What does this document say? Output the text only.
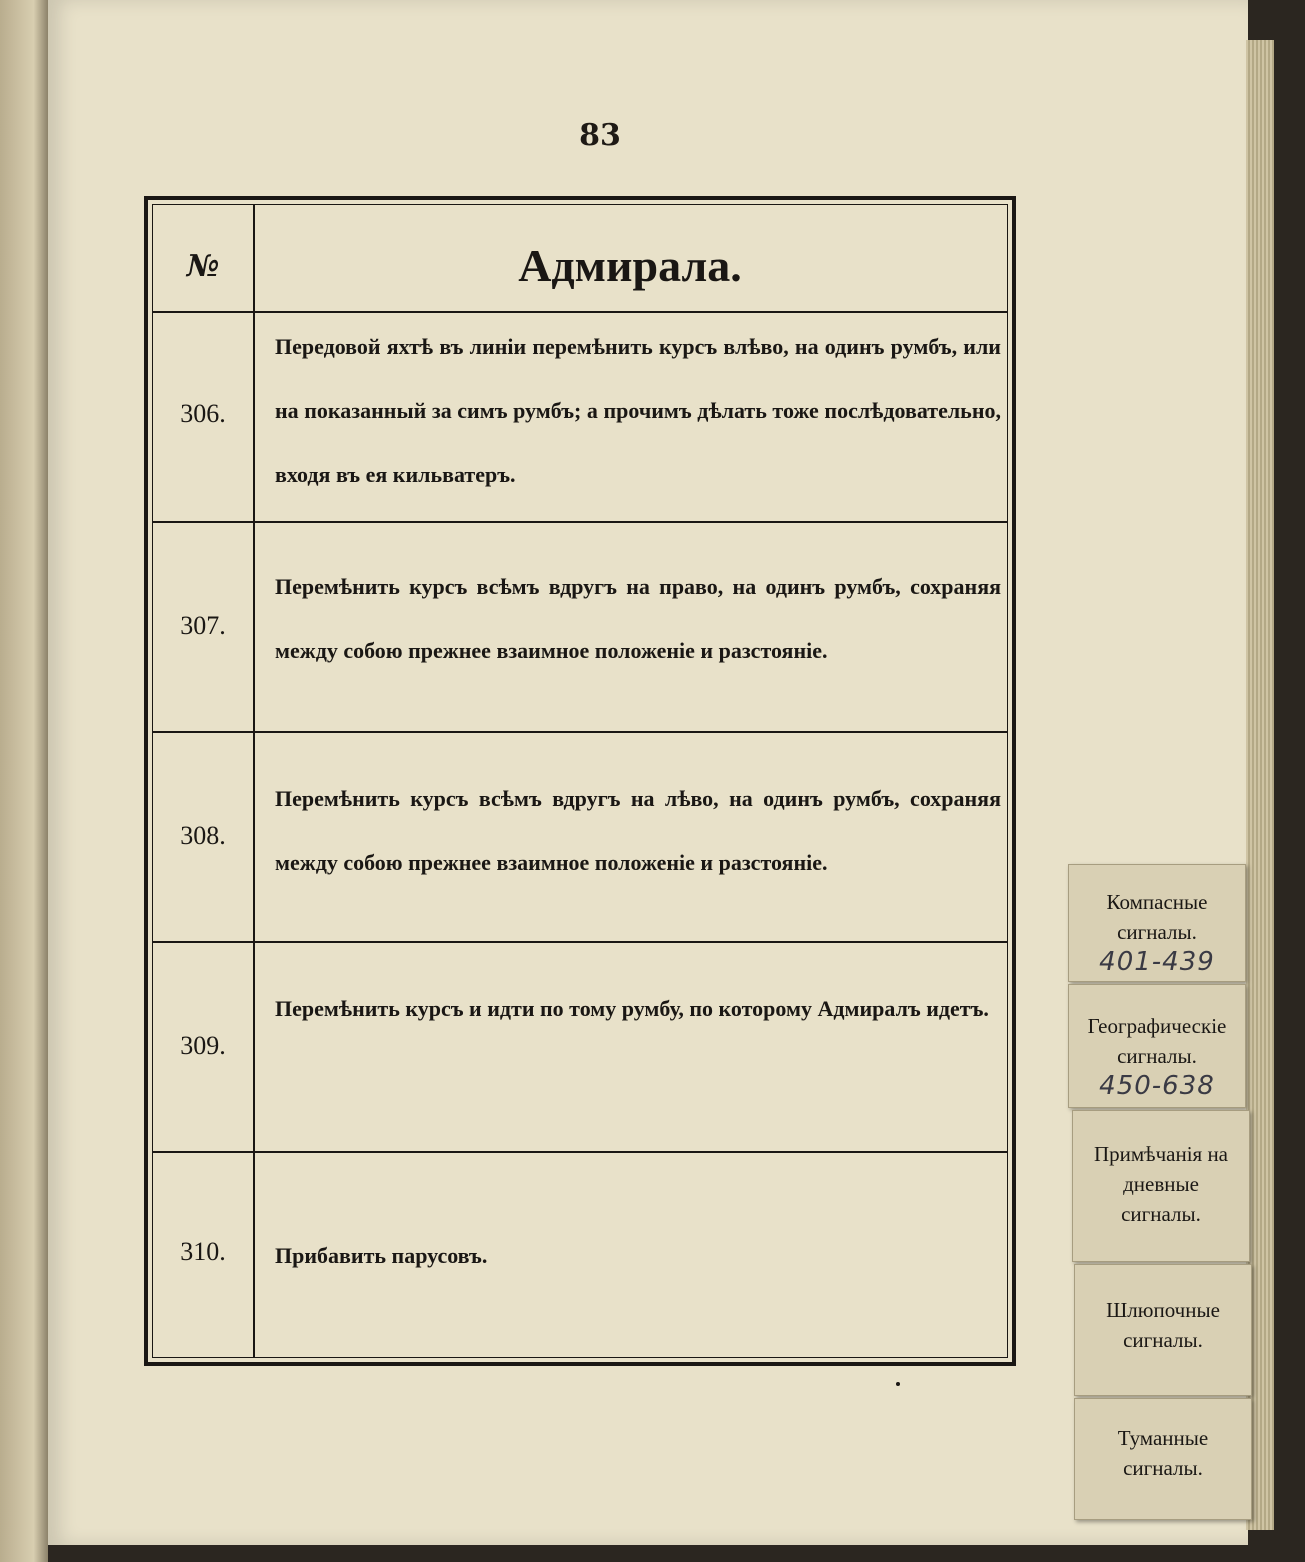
83
№	Адмирала.
306.
Передовой яхтѣ въ линіи перемѣнить курсъ влѣво, на одинъ румбъ, или на показанный за симъ румбъ; а прочимъ дѣлать тоже послѣдовательно, входя въ ея кильватеръ.
307.
Перемѣнить курсъ всѣмъ вдругъ на право, на одинъ румбъ, сохраняя между собою прежнее взаимное положеніе и разстояніе.
308.
Перемѣнить курсъ всѣмъ вдругъ на лѣво, на одинъ румбъ, сохраняя между собою прежнее взаимное положеніе и разстояніе.
309.
Перемѣнить курсъ и идти по тому румбу, по которому Адмиралъ идетъ.
310.	Прибавить парусовъ.
Компасные
сигналы.
401-439
Географическіе
сигналы.
450-638
Примѣчанія на
дневные
сигналы.
Шлюпочные
сигналы.
Туманные
сигналы.
